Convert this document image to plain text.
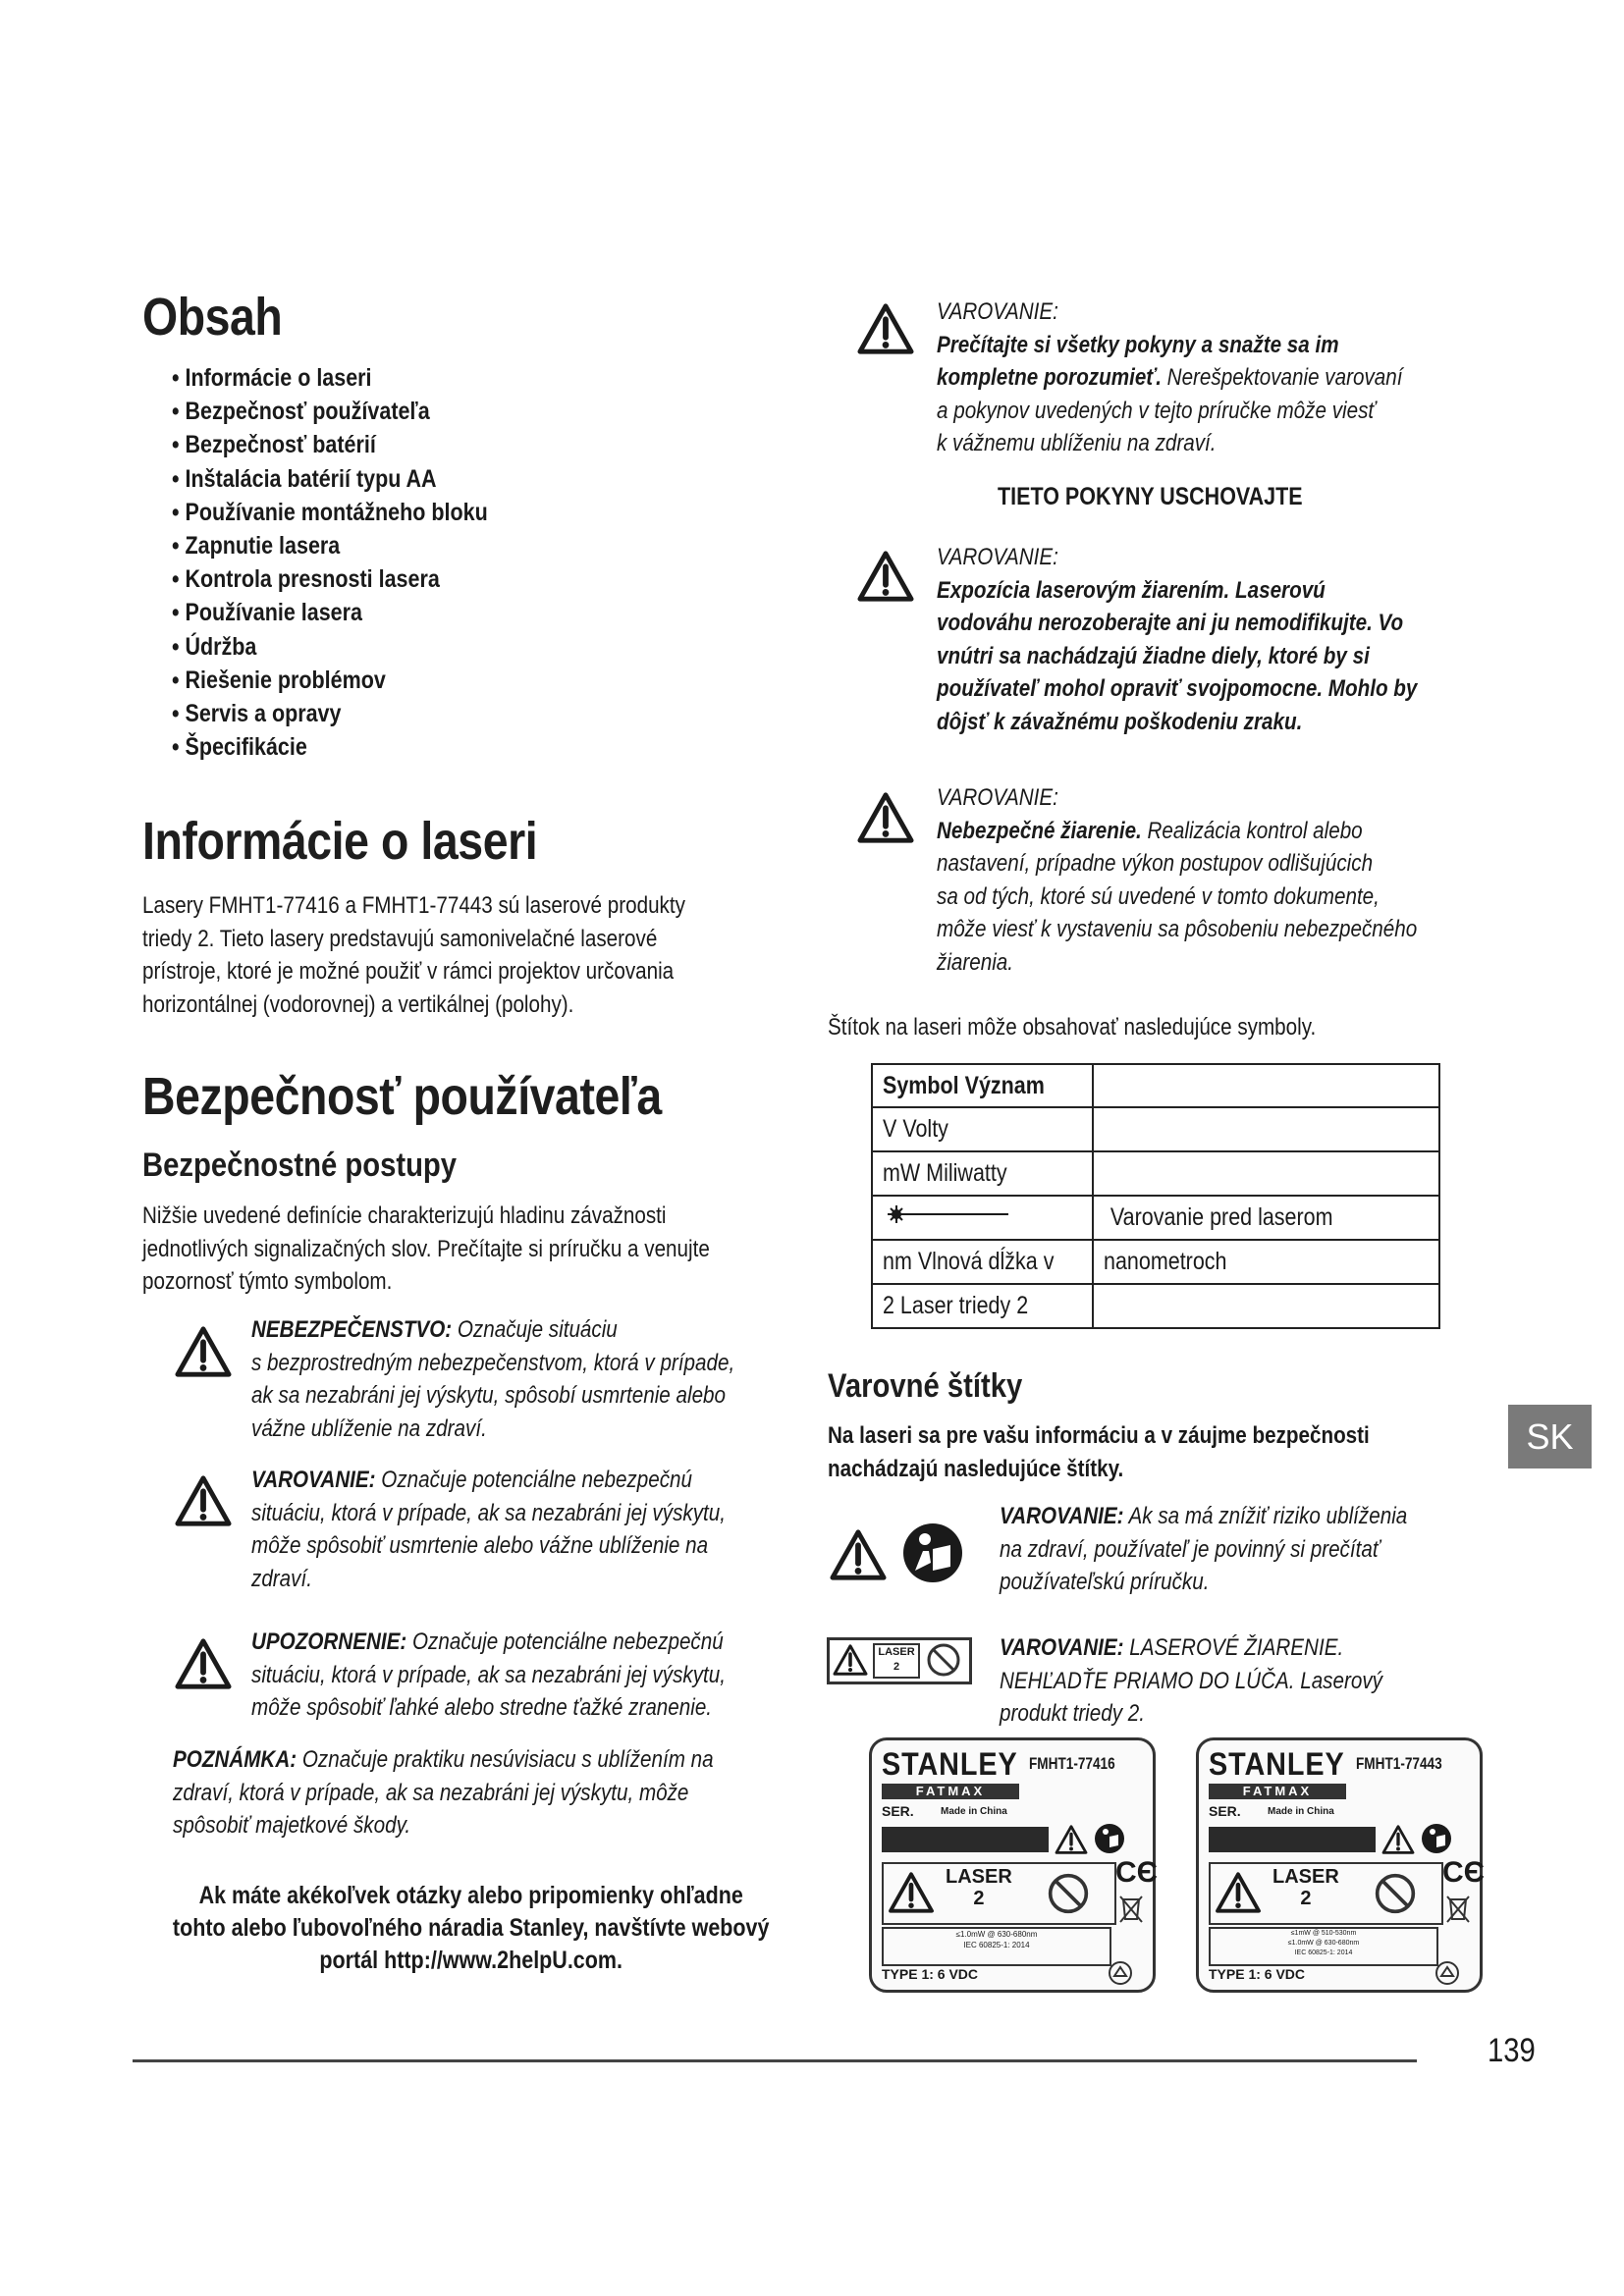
Obsah
• Informácie o laseri
• Bezpečnosť používateľa
• Bezpečnosť batérií
• Inštalácia batérií typu AA
• Používanie montážneho bloku
• Zapnutie lasera
• Kontrola presnosti lasera
• Používanie lasera
• Údržba
• Riešenie problémov
• Servis a opravy
• Špecifikácie
Informácie o laseri
Lasery FMHT1-77416 a FMHT1-77443 sú laserové produkty
triedy 2. Tieto lasery predstavujú samonivelačné laserové
prístroje, ktoré je možné použiť v rámci projektov určovania
horizontálnej (vodorovnej) a vertikálnej (polohy).
Bezpečnosť používateľa
Bezpečnostné postupy
Nižšie uvedené definície charakterizujú hladinu závažnosti
jednotlivých signalizačných slov. Prečítajte si príručku a venujte
pozornosť týmto symbolom.
NEBEZPEČENSTVO: Označuje situáciu
s bezprostredným nebezpečenstvom, ktorá v prípade,
ak sa nezabráni jej výskytu, spôsobí usmrtenie alebo
vážne ublíženie na zdraví.
VAROVANIE: Označuje potenciálne nebezpečnú
situáciu, ktorá v prípade, ak sa nezabráni jej výskytu,
môže spôsobiť usmrtenie alebo vážne ublíženie na
zdraví.
UPOZORNENIE: Označuje potenciálne nebezpečnú
situáciu, ktorá v prípade, ak sa nezabráni jej výskytu,
môže spôsobiť ľahké alebo stredne ťažké zranenie.
POZNÁMKA: Označuje praktiku nesúvisiacu s ublížením na
zdraví, ktorá v prípade, ak sa nezabráni jej výskytu, môže
spôsobiť majetkové škody.
Ak máte akékoľvek otázky alebo pripomienky ohľadne
tohto alebo ľubovoľného náradia Stanley, navštívte webový
portál http://www.2helpU.com.
VAROVANIE:
Prečítajte si všetky pokyny a snažte sa im
kompletne porozumieť. Nerešpektovanie varovaní
a pokynov uvedených v tejto príručke môže viesť
k vážnemu ublíženiu na zdraví.
TIETO POKYNY USCHOVAJTE
VAROVANIE:
Expozícia laserovým žiarením. Laserovú
vodováhu nerozoberajte ani ju nemodifikujte. Vo
vnútri sa nachádzajú žiadne diely, ktoré by si
používateľ mohol opraviť svojpomocne. Mohlo by
dôjsť k závažnému poškodeniu zraku.
VAROVANIE:
Nebezpečné žiarenie. Realizácia kontrol alebo
nastavení, prípadne výkon postupov odlišujúcich
sa od tých, ktoré sú uvedené v tomto dokumente,
môže viesť k vystaveniu sa pôsobeniu nebezpečného
žiarenia.
Štítok na laseri môže obsahovať nasledujúce symboly.
Symbol Význam	
V Volty	
mW Miliwatty	
	Varovanie pred laserom
nm Vlnová dĺžka v	nanometroch
2 Laser triedy 2	
Varovné štítky
Na laseri sa pre vašu informáciu a v záujme bezpečnosti
nachádzajú nasledujúce štítky.
VAROVANIE: Ak sa má znížiť riziko ublíženia
na zdraví, používateľ je povinný si prečítať
používateľskú príručku.
LASER 2
VAROVANIE: LASEROVÉ ŽIARENIE.
NEHĽADŤE PRIAMO DO LÚČA. Laserový
produkt triedy 2.
STANLEY FMHT1-77416
FATMAX
SER.	Made in China
LASER
2
CЄ
≤1.0mW @ 630-680nm
IEC 60825-1: 2014
TYPE 1: 6 VDC
STANLEY FMHT1-77443
FATMAX
SER.	Made in China
LASER
2
CЄ
≤1mW @ 510-530nm
≤1.0mW @ 630-680nm
IEC 60825-1: 2014
TYPE 1: 6 VDC
SK
139
